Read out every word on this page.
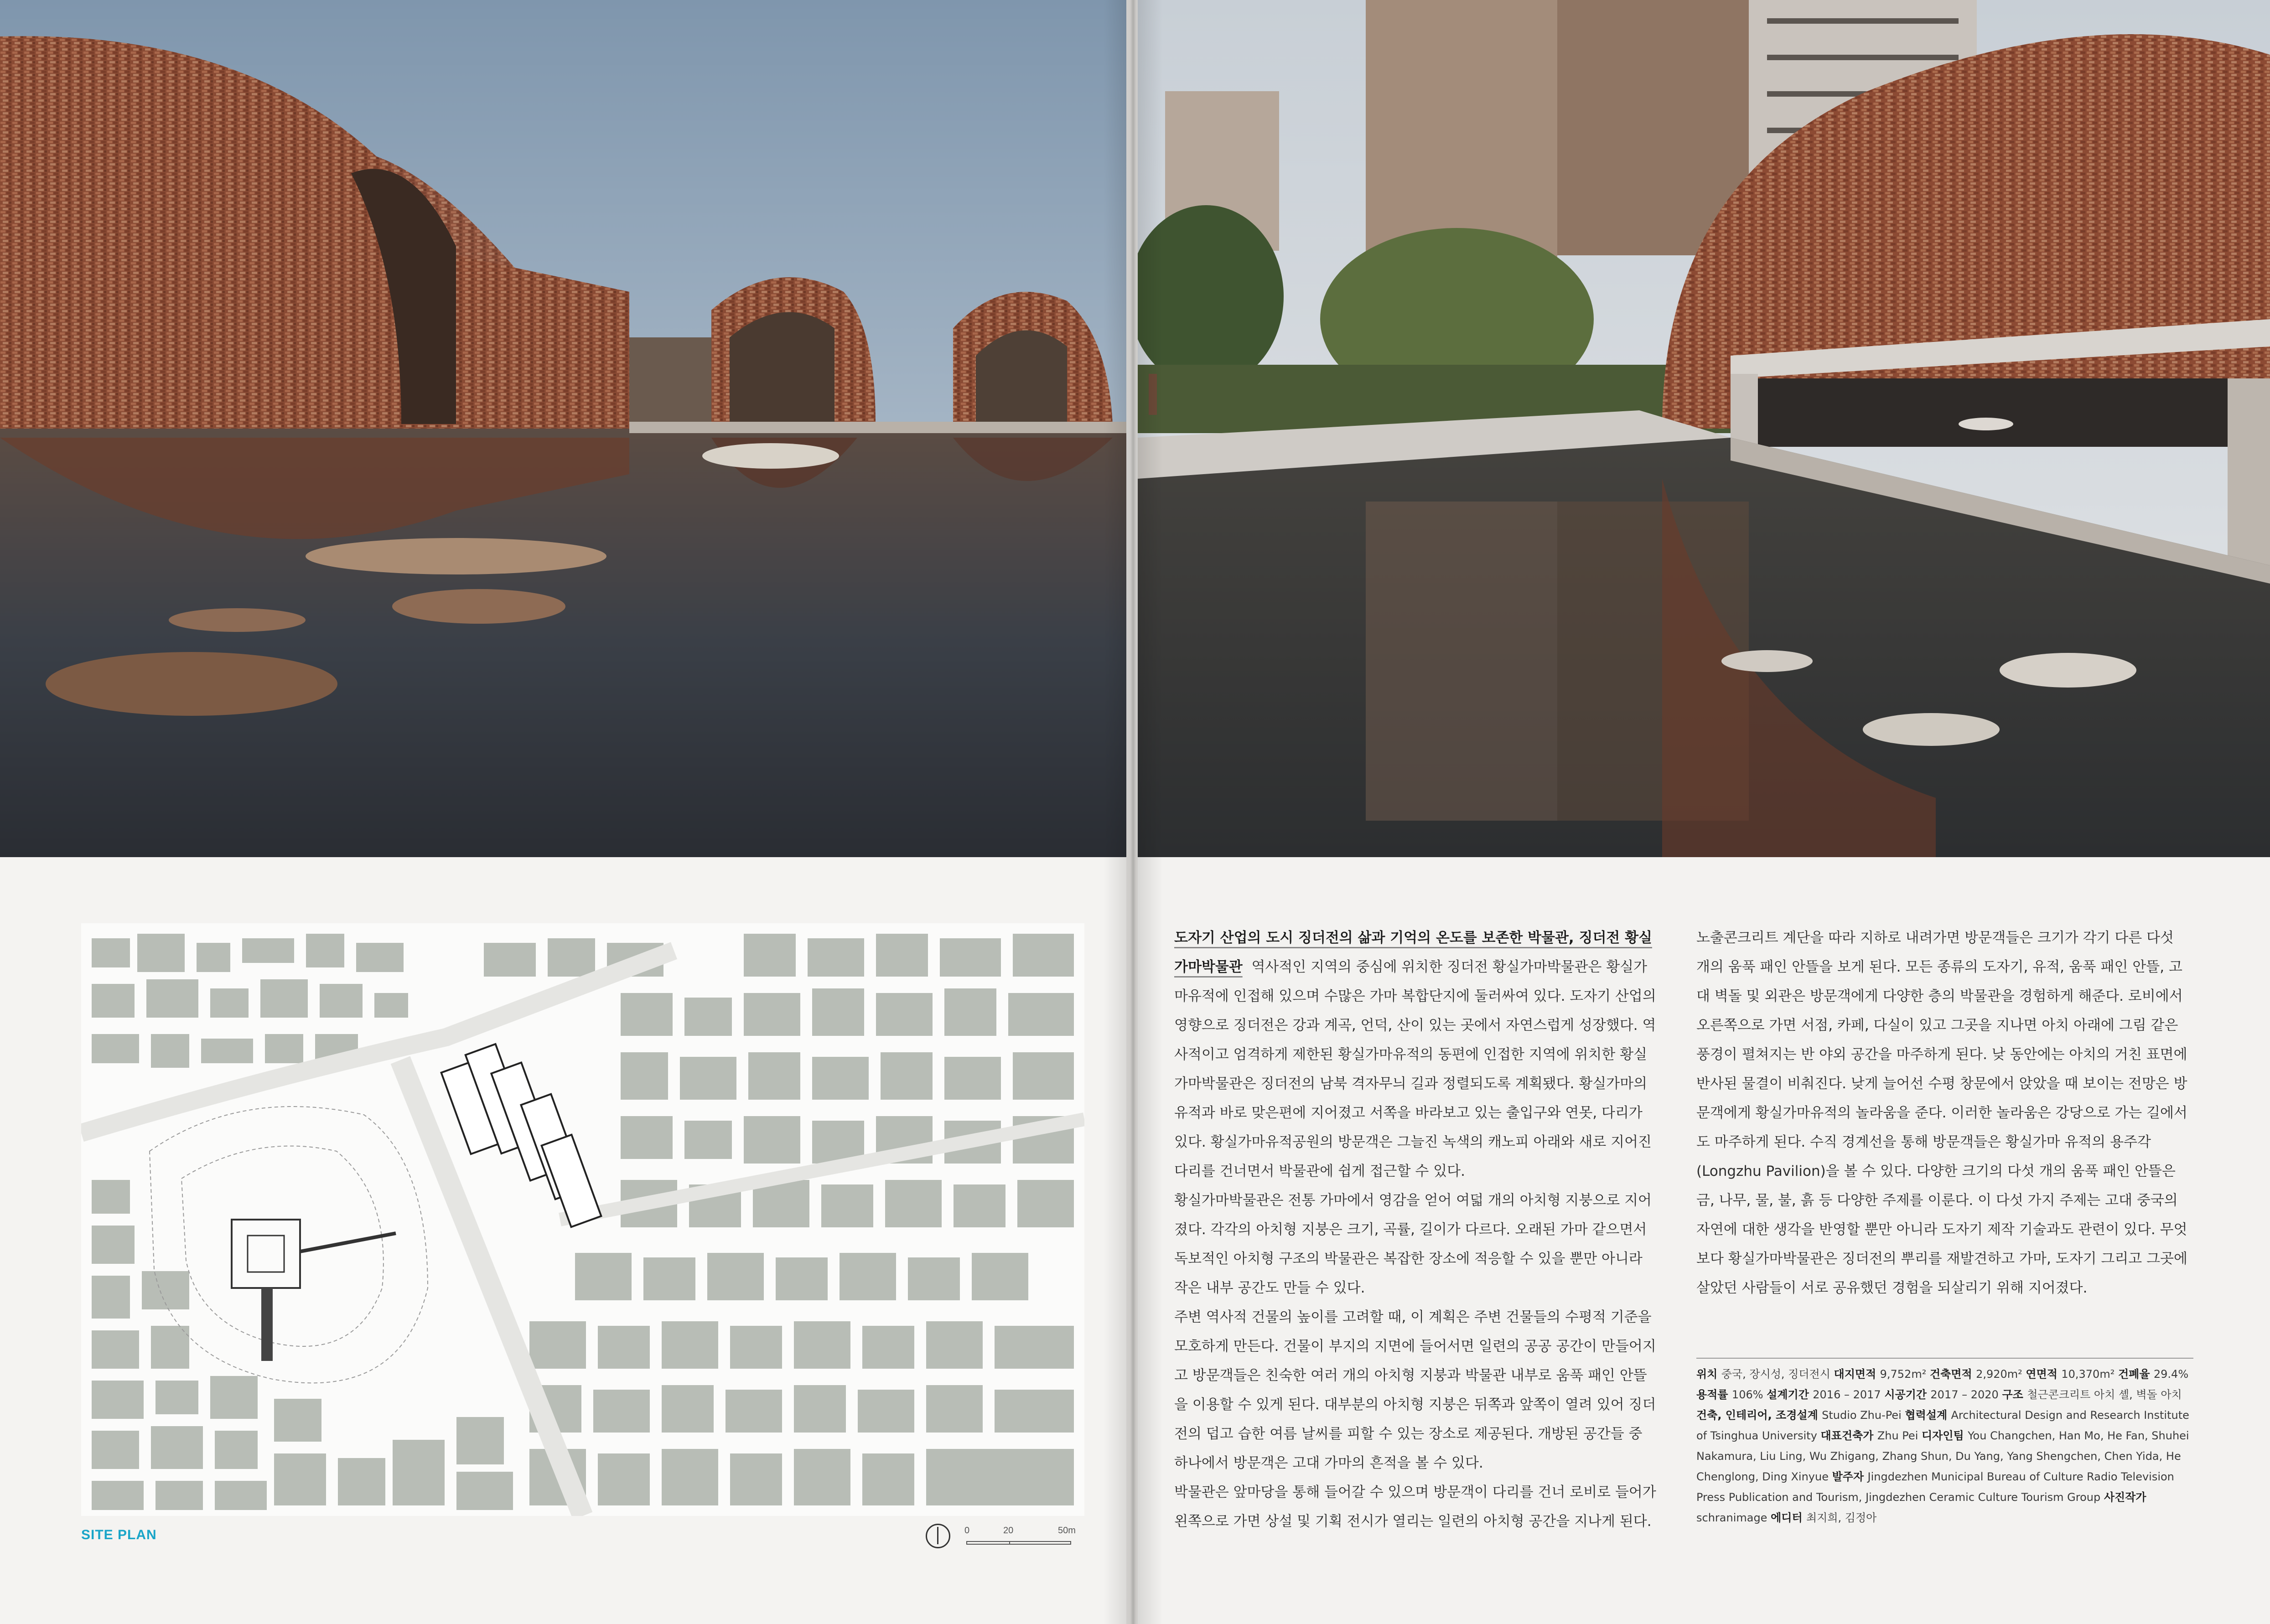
SITE PLAN	0	20	50m

도자기 산업의 도시 징더전의 삶과 기억의 온도를 보존한 박물관, 징더전 황실가마박물관 역사적인 지역의 중심에 위치한 징더전 황실가마박물관은 황실가마유적에 인접해 있으며 수많은 가마 복합단지에 둘러싸여 있다. 도자기 산업의 영향으로 징더전은 강과 계곡, 언덕, 산이 있는 곳에서 자연스럽게 성장했다. 역사적이고 엄격하게 제한된 황실가마유적의 동편에 인접한 지역에 위치한 황실가마박물관은 징더전의 남북 격자무늬 길과 정렬되도록 계획됐다. 황실가마의 유적과 바로 맞은편에 지어졌고 서쪽을 바라보고 있는 출입구와 연못, 다리가 있다. 황실가마유적공원의 방문객은 그늘진 녹색의 캐노피 아래와 새로 지어진 다리를 건너면서 박물관에 쉽게 접근할 수 있다.

황실가마박물관은 전통 가마에서 영감을 얻어 여덟 개의 아치형 지붕으로 지어졌다. 각각의 아치형 지붕은 크기, 곡률, 길이가 다르다. 오래된 가마 같으면서 독보적인 아치형 구조의 박물관은 복잡한 장소에 적응할 수 있을 뿐만 아니라 작은 내부 공간도 만들 수 있다.

주변 역사적 건물의 높이를 고려할 때, 이 계획은 주변 건물들의 수평적 기준을 모호하게 만든다. 건물이 부지의 지면에 들어서면 일련의 공공 공간이 만들어지고 방문객들은 친숙한 여러 개의 아치형 지붕과 박물관 내부로 움푹 패인 안뜰을 이용할 수 있게 된다. 대부분의 아치형 지붕은 뒤쪽과 앞쪽이 열려 있어 징더전의 덥고 습한 여름 날씨를 피할 수 있는 장소로 제공된다. 개방된 공간들 중 하나에서 방문객은 고대 가마의 흔적을 볼 수 있다.

박물관은 앞마당을 통해 들어갈 수 있으며 방문객이 다리를 건너 로비로 들어가 왼쪽으로 가면 상설 및 기획 전시가 열리는 일련의 아치형 공간을 지나게 된다.

노출콘크리트 계단을 따라 지하로 내려가면 방문객들은 크기가 각기 다른 다섯 개의 움푹 패인 안뜰을 보게 된다. 모든 종류의 도자기, 유적, 움푹 패인 안뜰, 고대 벽돌 및 외관은 방문객에게 다양한 층의 박물관을 경험하게 해준다. 로비에서 오른쪽으로 가면 서점, 카페, 다실이 있고 그곳을 지나면 아치 아래에 그림 같은 풍경이 펼쳐지는 반 야외 공간을 마주하게 된다. 낮 동안에는 아치의 거친 표면에 반사된 물결이 비춰진다. 낮게 늘어선 수평 창문에서 앉았을 때 보이는 전망은 방문객에게 황실가마유적의 놀라움을 준다. 이러한 놀라움은 강당으로 가는 길에서도 마주하게 된다. 수직 경계선을 통해 방문객들은 황실가마 유적의 용주각(Longzhu Pavilion)을 볼 수 있다. 다양한 크기의 다섯 개의 움푹 패인 안뜰은 금, 나무, 물, 불, 흙 등 다양한 주제를 이룬다. 이 다섯 가지 주제는 고대 중국의 자연에 대한 생각을 반영할 뿐만 아니라 도자기 제작 기술과도 관련이 있다. 무엇보다 황실가마박물관은 징더전의 뿌리를 재발견하고 가마, 도자기 그리고 그곳에 살았던 사람들이 서로 공유했던 경험을 되살리기 위해 지어졌다.

위치 중국, 장시성, 징더전시 대지면적 9,752m² 건축면적 2,920m² 연면적 10,370m² 건폐율 29.4% 용적률 106% 설계기간 2016 – 2017 시공기간 2017 – 2020 구조 철근콘크리트 아치 셸, 벽돌 아치 건축, 인테리어, 조경설계 Studio Zhu-Pei 협력설계 Architectural Design and Research Institute of Tsinghua University 대표건축가 Zhu Pei 디자인팀 You Changchen, Han Mo, He Fan, Shuhei Nakamura, Liu Ling, Wu Zhigang, Zhang Shun, Du Yang, Yang Shengchen, Chen Yida, He Chenglong, Ding Xinyue 발주자 Jingdezhen Municipal Bureau of Culture Radio Television Press Publication and Tourism, Jingdezhen Ceramic Culture Tourism Group 사진작가 schranimage 에디터 최지희, 김정아
